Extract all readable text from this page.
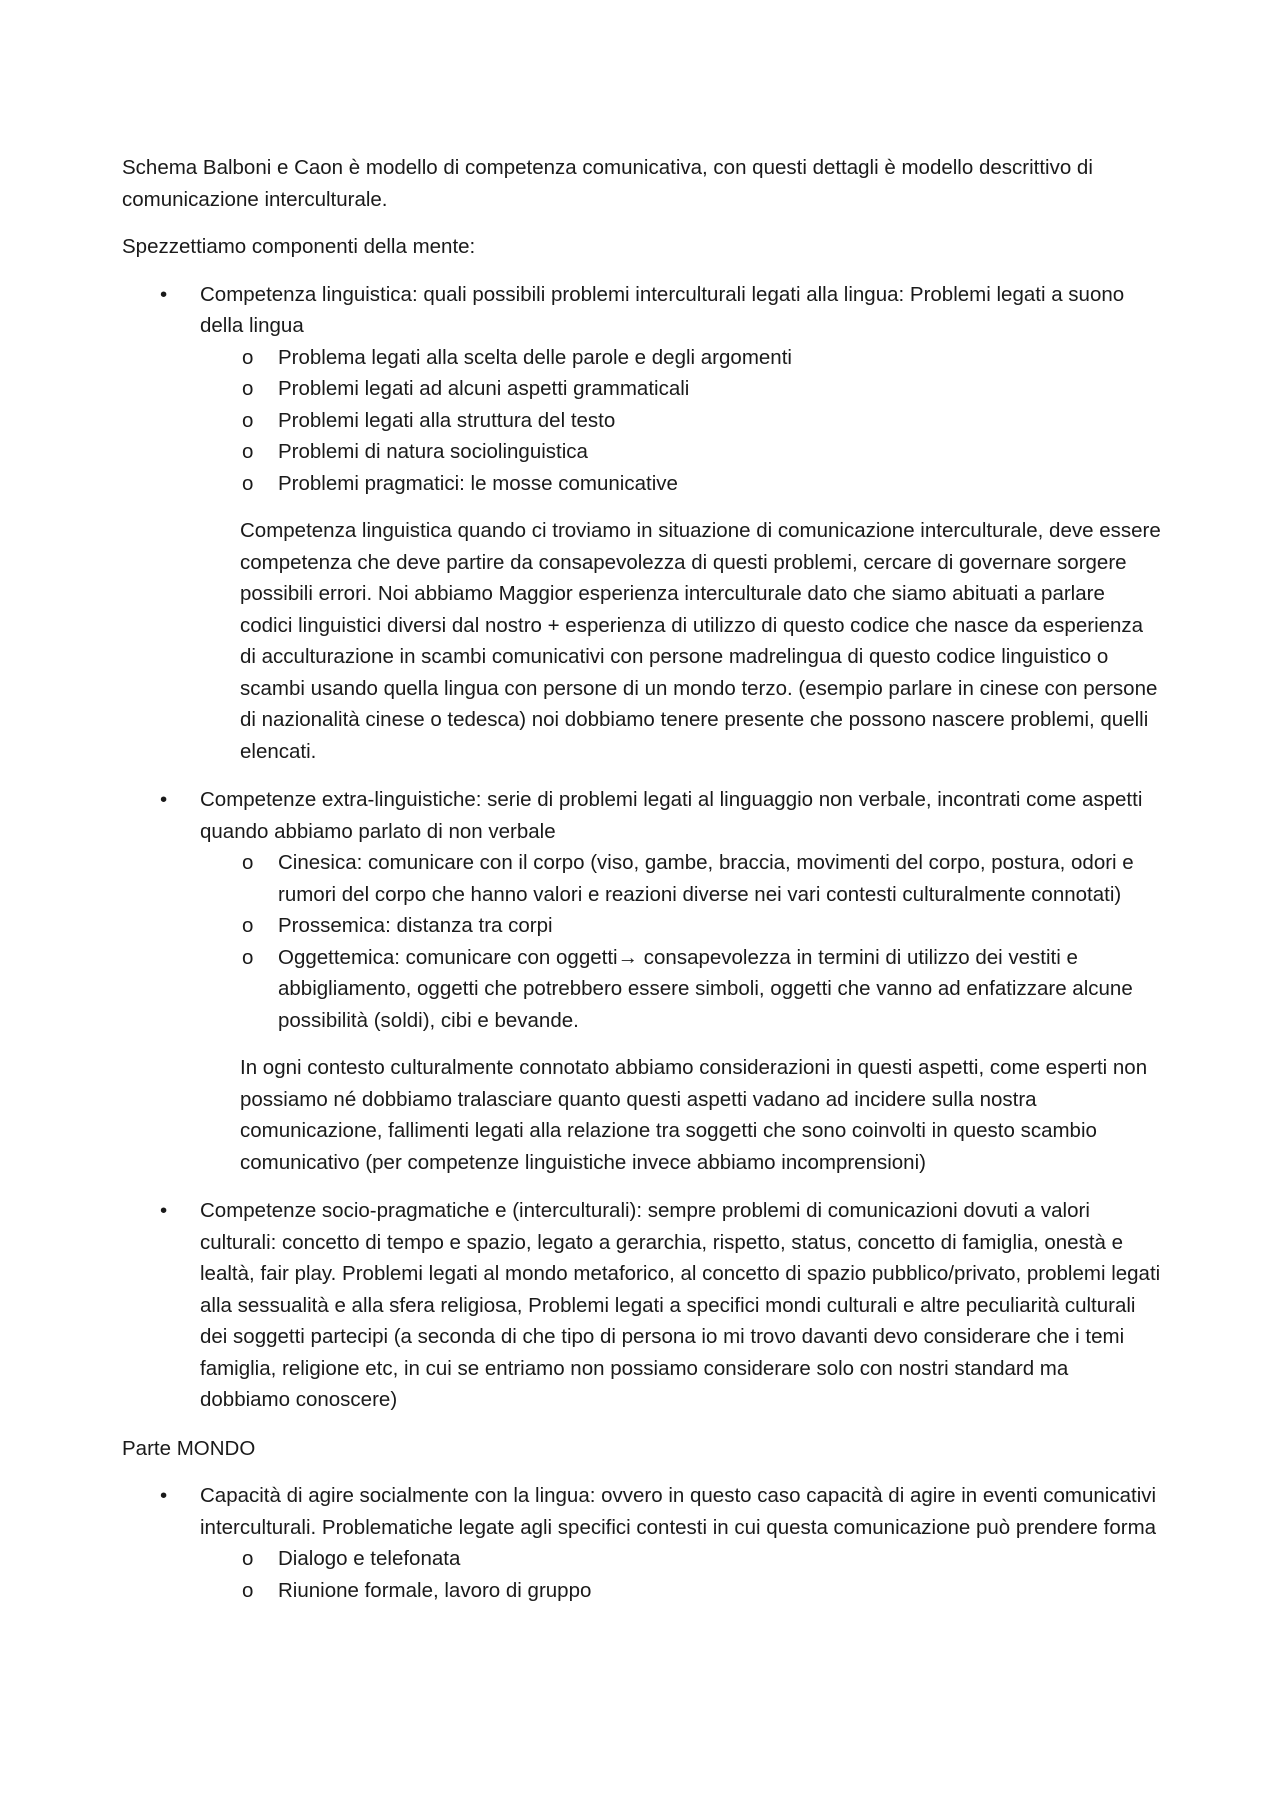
Schema Balboni e Caon è modello di competenza comunicativa, con questi dettagli è modello descrittivo di comunicazione interculturale.

Spezzettiamo componenti della mente:

•	Competenza linguistica: quali possibili problemi interculturali legati alla lingua: Problemi legati a suono della lingua

o Problema legati alla scelta delle parole e degli argomenti
o Problemi legati ad alcuni aspetti grammaticali
o Problemi legati alla struttura del testo
o Problemi di natura sociolinguistica
o Problemi pragmatici: le mosse comunicative

Competenza linguistica quando ci troviamo in situazione di comunicazione interculturale, deve essere competenza che deve partire da consapevolezza di questi problemi, cercare di governare sorgere possibili errori. Noi abbiamo Maggior esperienza interculturale dato che siamo abituati a parlare codici linguistici diversi dal nostro + esperienza di utilizzo di questo codice che nasce da esperienza di acculturazione in scambi comunicativi con persone madrelingua di questo codice linguistico o scambi usando quella lingua con persone di un mondo terzo. (esempio parlare in cinese con persone di nazionalità cinese o tedesca) noi dobbiamo tenere presente che possono nascere problemi, quelli elencati.

•	Competenze extra-linguistiche: serie di problemi legati al linguaggio non verbale, incontrati come aspetti quando abbiamo parlato di non verbale

o Cinesica: comunicare con il corpo (viso, gambe, braccia, movimenti del corpo, postura, odori e rumori del corpo che hanno valori e reazioni diverse nei vari contesti culturalmente connotati)
o Prossemica: distanza tra corpi
o Oggettemica: comunicare con oggetti→ consapevolezza in termini di utilizzo dei vestiti e abbigliamento, oggetti che potrebbero essere simboli, oggetti che vanno ad enfatizzare alcune possibilità (soldi), cibi e bevande.

In ogni contesto culturalmente connotato abbiamo considerazioni in questi aspetti, come esperti non possiamo né dobbiamo tralasciare quanto questi aspetti vadano ad incidere sulla nostra comunicazione, fallimenti legati alla relazione tra soggetti che sono coinvolti in questo scambio comunicativo (per competenze linguistiche invece abbiamo incomprensioni)

•	Competenze socio-pragmatiche e (interculturali): sempre problemi di comunicazioni dovuti a valori culturali: concetto di tempo e spazio, legato a gerarchia, rispetto, status, concetto di famiglia, onestà e lealtà, fair play. Problemi legati al mondo metaforico, al concetto di spazio pubblico/privato, problemi legati alla sessualità e alla sfera religiosa, Problemi legati a specifici mondi culturali e altre peculiarità culturali dei soggetti partecipi (a seconda di che tipo di persona io mi trovo davanti devo considerare che i temi famiglia, religione etc, in cui se entriamo non possiamo considerare solo con nostri standard ma dobbiamo conoscere)

Parte MONDO

•	Capacità di agire socialmente con la lingua: ovvero in questo caso capacità di agire in eventi comunicativi interculturali. Problematiche legate agli specifici contesti in cui questa comunicazione può prendere forma

o Dialogo e telefonata
o Riunione formale, lavoro di gruppo
